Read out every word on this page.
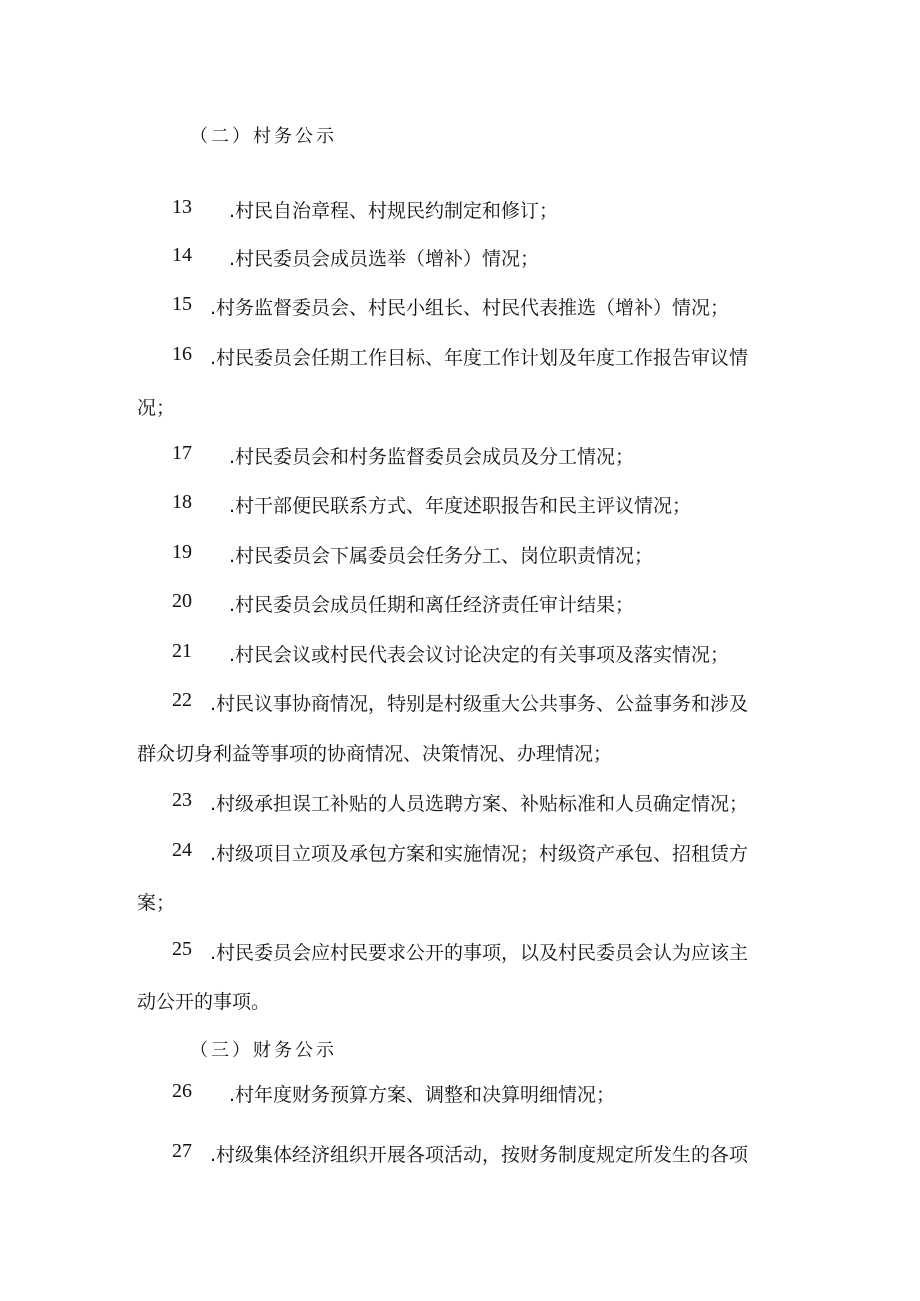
（二）村务公示
13 .村民自治章程、村规民约制定和修订；
14 .村民委员会成员选举（增补）情况；
15 .村务监督委员会、村民小组长、村民代表推选（增补）情况；
16 .村民委员会任期工作目标、年度工作计划及年度工作报告审议情
况；
17 .村民委员会和村务监督委员会成员及分工情况；
18 .村干部便民联系方式、年度述职报告和民主评议情况；
19 .村民委员会下属委员会任务分工、岗位职责情况；
20 .村民委员会成员任期和离任经济责任审计结果；
21 .村民会议或村民代表会议讨论决定的有关事项及落实情况；
22 .村民议事协商情况，特别是村级重大公共事务、公益事务和涉及
群众切身利益等事项的协商情况、决策情况、办理情况；
23 .村级承担误工补贴的人员选聘方案、补贴标准和人员确定情况；
24 .村级项目立项及承包方案和实施情况；村级资产承包、招租赁方
案；
25 .村民委员会应村民要求公开的事项，以及村民委员会认为应该主
动公开的事项。
（三）财务公示
26 .村年度财务预算方案、调整和决算明细情况；
27 .村级集体经济组织开展各项活动，按财务制度规定所发生的各项
